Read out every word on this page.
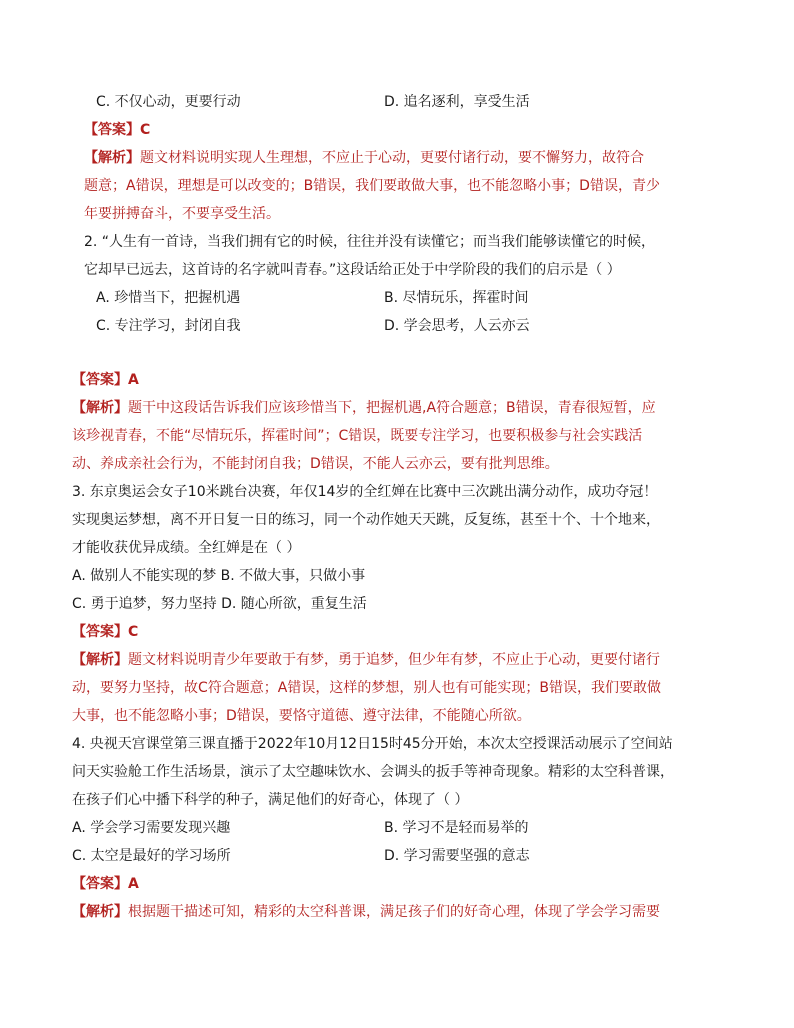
C. 不仅心动，更要行动	D. 追名逐利，享受生活
【答案】C
【解析】题文材料说明实现人生理想，不应止于心动，更要付诸行动，要不懈努力，故符合
题意；A错误，理想是可以改变的；B错误，我们要敢做大事，也不能忽略小事；D错误，青少
年要拼搏奋斗，不要享受生活。
2. “人生有一首诗，当我们拥有它的时候，往往并没有读懂它；而当我们能够读懂它的时候，
它却早已远去，这首诗的名字就叫青春。”这段话给正处于中学阶段的我们的启示是（ ）
A. 珍惜当下，把握机遇	B. 尽情玩乐，挥霍时间
C. 专注学习，封闭自我	D. 学会思考，人云亦云
【答案】A
【解析】题干中这段话告诉我们应该珍惜当下，把握机遇,A符合题意；B错误，青春很短暂，应
该珍视青春，不能“尽情玩乐，挥霍时间”；C错误，既要专注学习，也要积极参与社会实践活
动、养成亲社会行为，不能封闭自我；D错误，不能人云亦云，要有批判思维。
3. 东京奥运会女子10米跳台决赛，年仅14岁的全红婵在比赛中三次跳出满分动作，成功夺冠！
实现奥运梦想，离不开日复一日的练习，同一个动作她天天跳，反复练，甚至十个、十个地来，
才能收获优异成绩。全红婵是在（ ）
A. 做别人不能实现的梦 B. 不做大事，只做小事
C. 勇于追梦，努力坚持 D. 随心所欲，重复生活
【答案】C
【解析】题文材料说明青少年要敢于有梦，勇于追梦，但少年有梦，不应止于心动，更要付诸行
动，要努力坚持，故C符合题意；A错误，这样的梦想，别人也有可能实现；B错误，我们要敢做
大事，也不能忽略小事；D错误，要恪守道德、遵守法律，不能随心所欲。
4. 央视天宫课堂第三课直播于2022年10月12日15时45分开始，本次太空授课活动展示了空间站
问天实验舱工作生活场景，演示了太空趣味饮水、会调头的扳手等神奇现象。精彩的太空科普课，
在孩子们心中播下科学的种子，满足他们的好奇心，体现了（ ）
A. 学会学习需要发现兴趣	B. 学习不是轻而易举的
C. 太空是最好的学习场所	D. 学习需要坚强的意志
【答案】A
【解析】根据题干描述可知，精彩的太空科普课，满足孩子们的好奇心理，体现了学会学习需要
